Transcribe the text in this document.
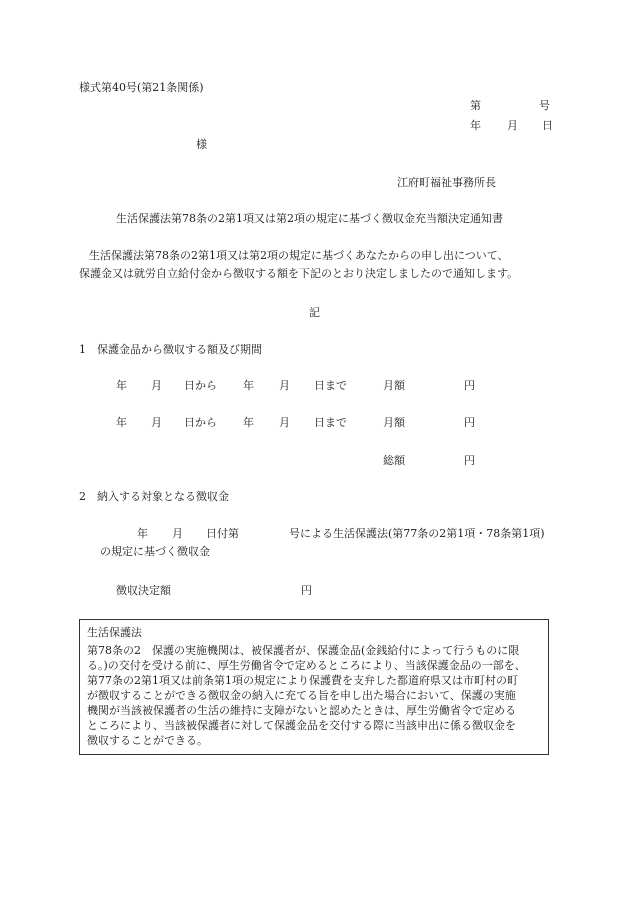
様式第40号(第21条関係)
第	号
年 月 日
様
江府町福祉事務所長
生活保護法第78条の2第1項又は第2項の規定に基づく徴収金充当額決定通知書
生活保護法第78条の2第1項又は第2項の規定に基づくあなたからの申し出について、
保護金又は就労自立給付金から徴収する額を下記のとおり決定しましたので通知します。
記
1　保護金品から徴収する額及び期間
年 月 日から 年 月 日まで	月額	円
年 月 日から 年 月 日まで	月額	円
総額	円
2　納入する対象となる徴収金
年 月 日付第	号による生活保護法(第77条の2第1項・78条第1項)
の規定に基づく徴収金
徴収決定額	円
生活保護法
第78条の2　保護の実施機関は、被保護者が、保護金品(金銭給付によって行うものに限
る。)の交付を受ける前に、厚生労働省令で定めるところにより、当該保護金品の一部を、
第77条の2第1項又は前条第1項の規定により保護費を支弁した都道府県又は市町村の町
が徴収することができる徴収金の納入に充てる旨を申し出た場合において、保護の実施
機関が当該被保護者の生活の維持に支障がないと認めたときは、厚生労働省令で定める
ところにより、当該被保護者に対して保護金品を交付する際に当該申出に係る徴収金を
徴収することができる。
